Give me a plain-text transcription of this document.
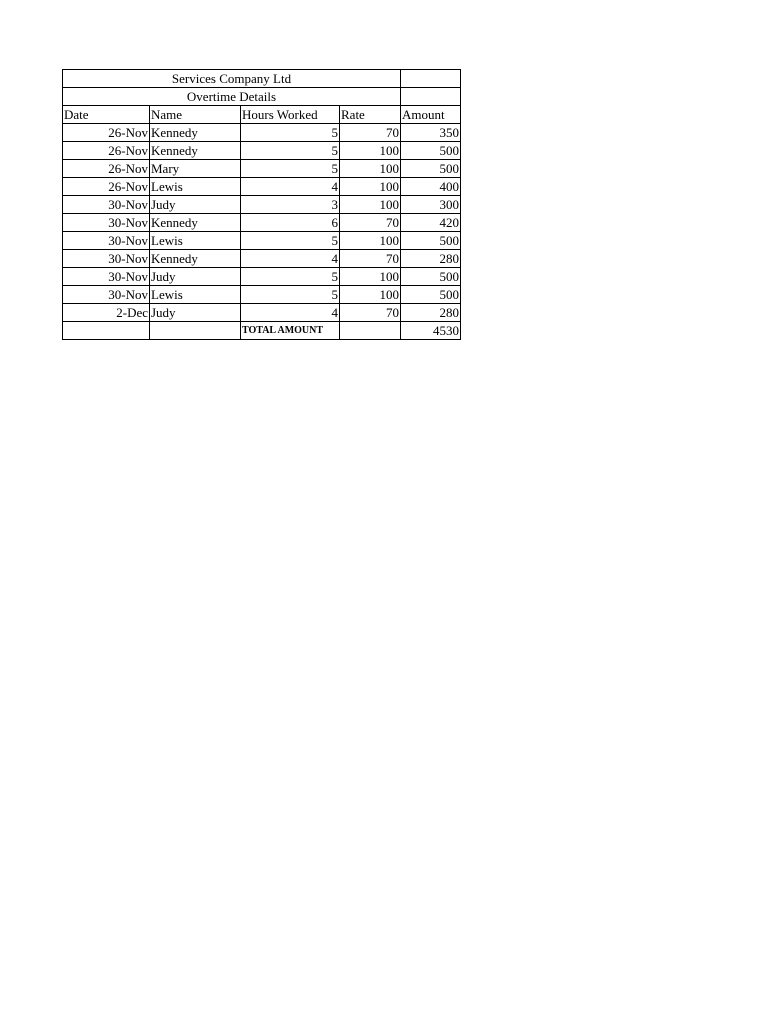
Services Company Ltd				
Overtime Details				
Date	Name	Hours Worked	Rate	Amount
26-Nov	Kennedy	5	70	350
26-Nov	Kennedy	5	100	500
26-Nov	Mary	5	100	500
26-Nov	Lewis	4	100	400
30-Nov	Judy	3	100	300
30-Nov	Kennedy	6	70	420
30-Nov	Lewis	5	100	500
30-Nov	Kennedy	4	70	280
30-Nov	Judy	5	100	500
30-Nov	Lewis	5	100	500
2-Dec	Judy	4	70	280
		TOTAL AMOUNT		4530
